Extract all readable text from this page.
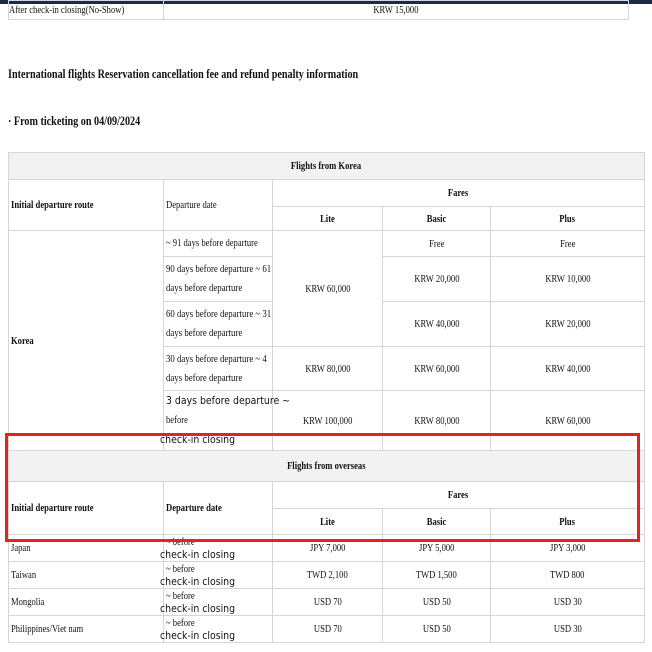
After check-in closing(No-Show)	KRW 15,000
International flights Reservation cancellation fee and refund penalty information
· From ticketing on 04/09/2024
Flights from Korea				
Initial departure route	Departure date	Fares		
		Lite	Basic	Plus
Korea	~ 91 days before departure	KRW 60,000	Free	Free
	90 days before departure ~ 61 days before departure		KRW 20,000	KRW 10,000
	60 days before departure ~ 31 days before departure		KRW 40,000	KRW 20,000
	30 days before departure ~ 4 days before departure	KRW 80,000	KRW 60,000	KRW 40,000
	3 days before departure ~
before check-in closing	KRW 100,000	KRW 80,000	KRW 60,000
Flights from overseas				
Initial departure route	Departure date	Fares		
		Lite	Basic	Plus
Japan	~ beforecheck-in closing	JPY 7,000	JPY 5,000	JPY 3,000
Taiwan	~ beforecheck-in closing	TWD 2,100	TWD 1,500	TWD 800
Mongolia	~ beforecheck-in closing	USD 70	USD 50	USD 30
Philippines/Viet nam	~ beforecheck-in closing	USD 70	USD 50	USD 30
